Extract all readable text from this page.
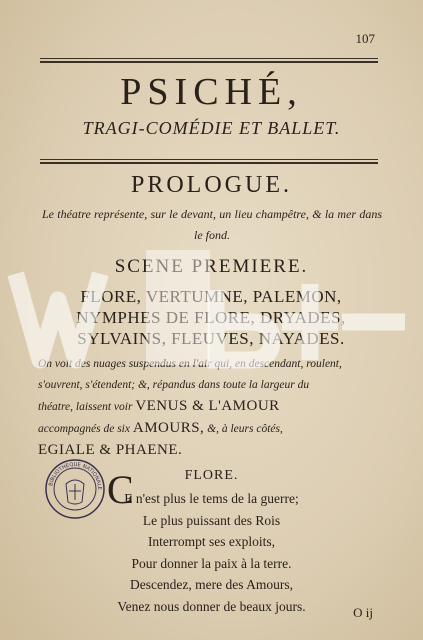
107
PSICHÉ,
TRAGI-COMÉDIE ET BALLET.
PROLOGUE.
Le théatre représente, sur le devant, un lieu champêtre, & la mer dans le fond.
SCENE PREMIERE.
FLORE, VERTUMNE, PALEMON,
NYMPHES DE FLORE, DRYADES,
SYLVAINS, FLEUVES, NAYADES.
On voit des nuages suspendus en l'air qui, en descendant, roulent,
s'ouvrent, s'étendent; &, répandus dans toute la largeur du
théatre, laissent voir VENUS & L'AMOUR
accompagnés de six AMOURS, &, à leurs côtés,
EGIALE & PHAENE.
BIBLIOTHEQUE NATIONALE
FLORE.
C
E n'est plus le tems de la guerre;
Le plus puissant des Rois
Interrompt ses exploits,
Pour donner la paix à la terre.
Descendez, mere des Amours,
Venez nous donner de beaux jours.	O ij
